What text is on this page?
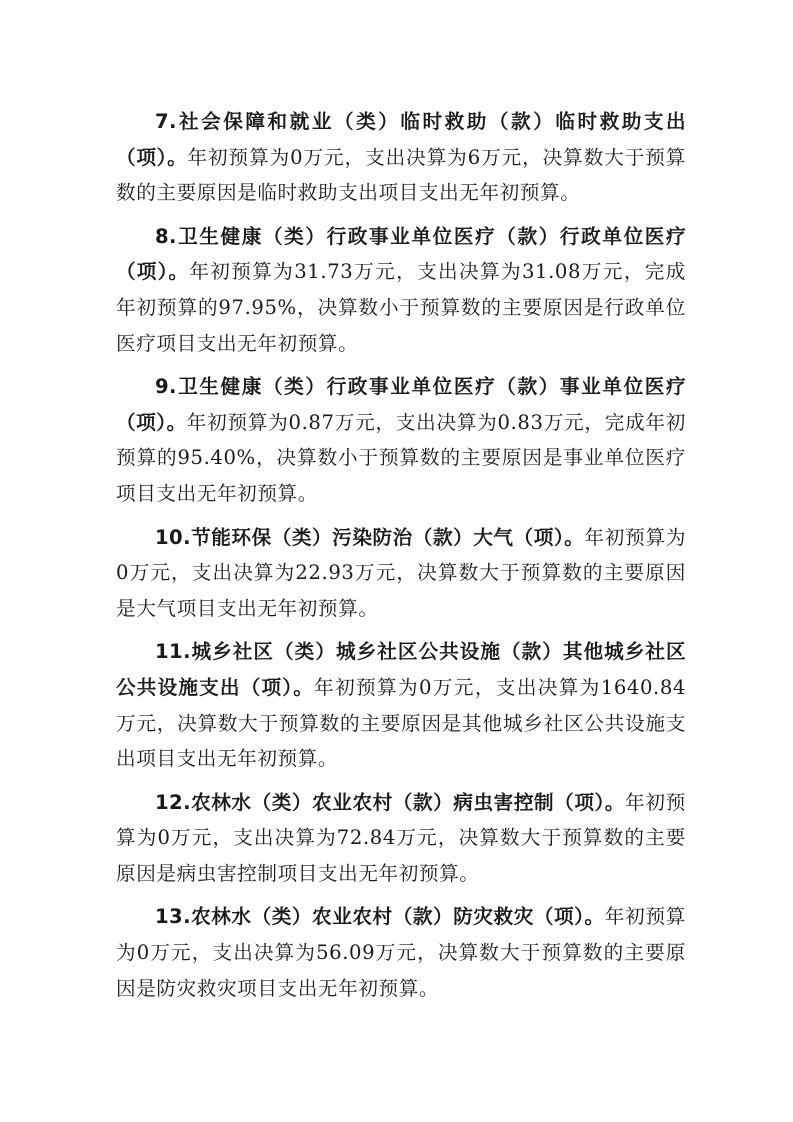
7.社会保障和就业（类）临时救助（款）临时救助支出（项）。年初预算为0万元，支出决算为6万元，决算数大于预算数的主要原因是临时救助支出项目支出无年初预算。

8.卫生健康（类）行政事业单位医疗（款）行政单位医疗（项）。年初预算为31.73万元，支出决算为31.08万元，完成年初预算的97.95%，决算数小于预算数的主要原因是行政单位医疗项目支出无年初预算。

9.卫生健康（类）行政事业单位医疗（款）事业单位医疗（项）。年初预算为0.87万元，支出决算为0.83万元，完成年初预算的95.40%，决算数小于预算数的主要原因是事业单位医疗项目支出无年初预算。

10.节能环保（类）污染防治（款）大气（项）。年初预算为0万元，支出决算为22.93万元，决算数大于预算数的主要原因是大气项目支出无年初预算。

11.城乡社区（类）城乡社区公共设施（款）其他城乡社区公共设施支出（项）。年初预算为0万元，支出决算为1640.84万元，决算数大于预算数的主要原因是其他城乡社区公共设施支出项目支出无年初预算。

12.农林水（类）农业农村（款）病虫害控制（项）。年初预算为0万元，支出决算为72.84万元，决算数大于预算数的主要原因是病虫害控制项目支出无年初预算。

13.农林水（类）农业农村（款）防灾救灾（项）。年初预算为0万元，支出决算为56.09万元，决算数大于预算数的主要原因是防灾救灾项目支出无年初预算。
